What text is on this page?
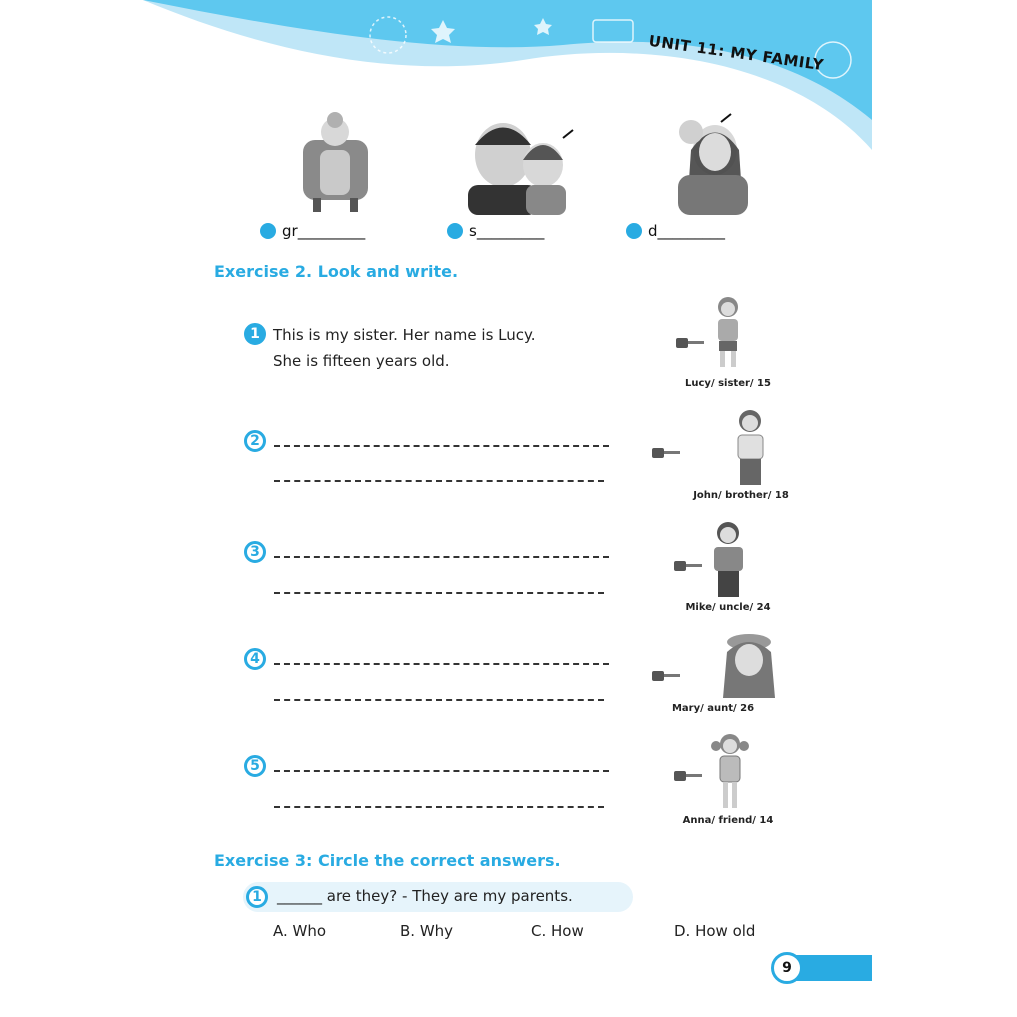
UNIT 11: MY FAMILY
gr_________	s_________	d_________
Exercise 2. Look and write.
1 This is my sister. Her name is Lucy.
She is fifteen years old.
2
3
4
5
Lucy/ sister/ 15
John/ brother/ 18
Mike/ uncle/ 24
Mary/ aunt/ 26
Anna/ friend/ 14
Exercise 3: Circle the correct answers.
1	______ are they? - They are my parents.
A. Who	B. Why	C. How	D. How old
9
